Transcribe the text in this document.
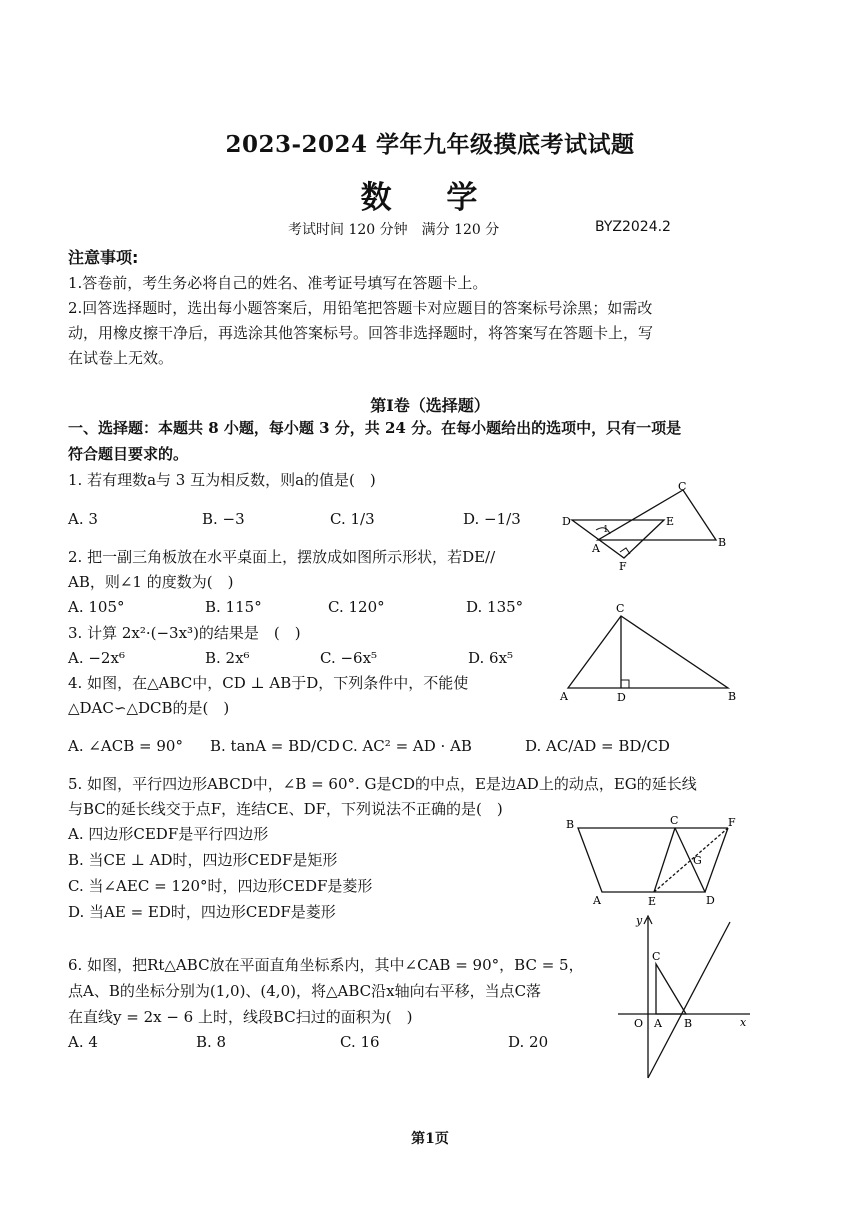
2023-2024 学年九年级摸底考试试题
数 学
考试时间 120 分钟　满分 120 分	BYZ2024.2
注意事项:
1.答卷前，考生务必将自己的姓名、准考证号填写在答题卡上。
2.回答选择题时，选出每小题答案后，用铅笔把答题卡对应题目的答案标号涂黑；如需改
动，用橡皮擦干净后，再选涂其他答案标号。回答非选择题时，将答案写在答题卡上，写
在试卷上无效。
第Ⅰ卷（选择题）
一、选择题：本题共 8 小题，每小题 3 分，共 24 分。在每小题给出的选项中，只有一项是
符合题目要求的。
1. 若有理数a与 3 互为相反数，则a的值是(　)
A. 3	B. −3	C. 1/3	D. −1/3
2. 把一副三角板放在水平桌面上，摆放成如图所示形状，若DE//
AB，则∠1 的度数为(　)
A. 105°	B. 115°	C. 120°	D. 135°
3. 计算 2x²·(−3x³)的结果是　(　)
A. −2x⁶	B. 2x⁶	C. −6x⁵	D. 6x⁵
4. 如图，在△ABC中，CD ⊥ AB于D，下列条件中，不能使
△DAC∽△DCB的是(　)
A. ∠ACB = 90° B. tanA = BD/CD C. AC² = AD · AB	D. AC/AD = BD/CD
5. 如图，平行四边形ABCD中，∠B = 60°. G是CD的中点，E是边AD上的动点，EG的延长线
与BC的延长线交于点F，连结CE、DF，下列说法不正确的是(　)
A. 四边形CEDF是平行四边形
B. 当CE ⊥ AD时，四边形CEDF是矩形
C. 当∠AEC = 120°时，四边形CEDF是菱形
D. 当AE = ED时，四边形CEDF是菱形
6. 如图，把Rt△ABC放在平面直角坐标系内，其中∠CAB = 90°，BC = 5，
点A、B的坐标分别为(1,0)、(4,0)，将△ABC沿x轴向右平移，当点C落
在直线y = 2x − 6 上时，线段BC扫过的面积为(　)
A. 4	B. 8	C. 16	D. 20
C
D	E
A	B
F
1
C
A	D	B
B	C	F
G
A	E	D
y
x
O A B
C
第1页
